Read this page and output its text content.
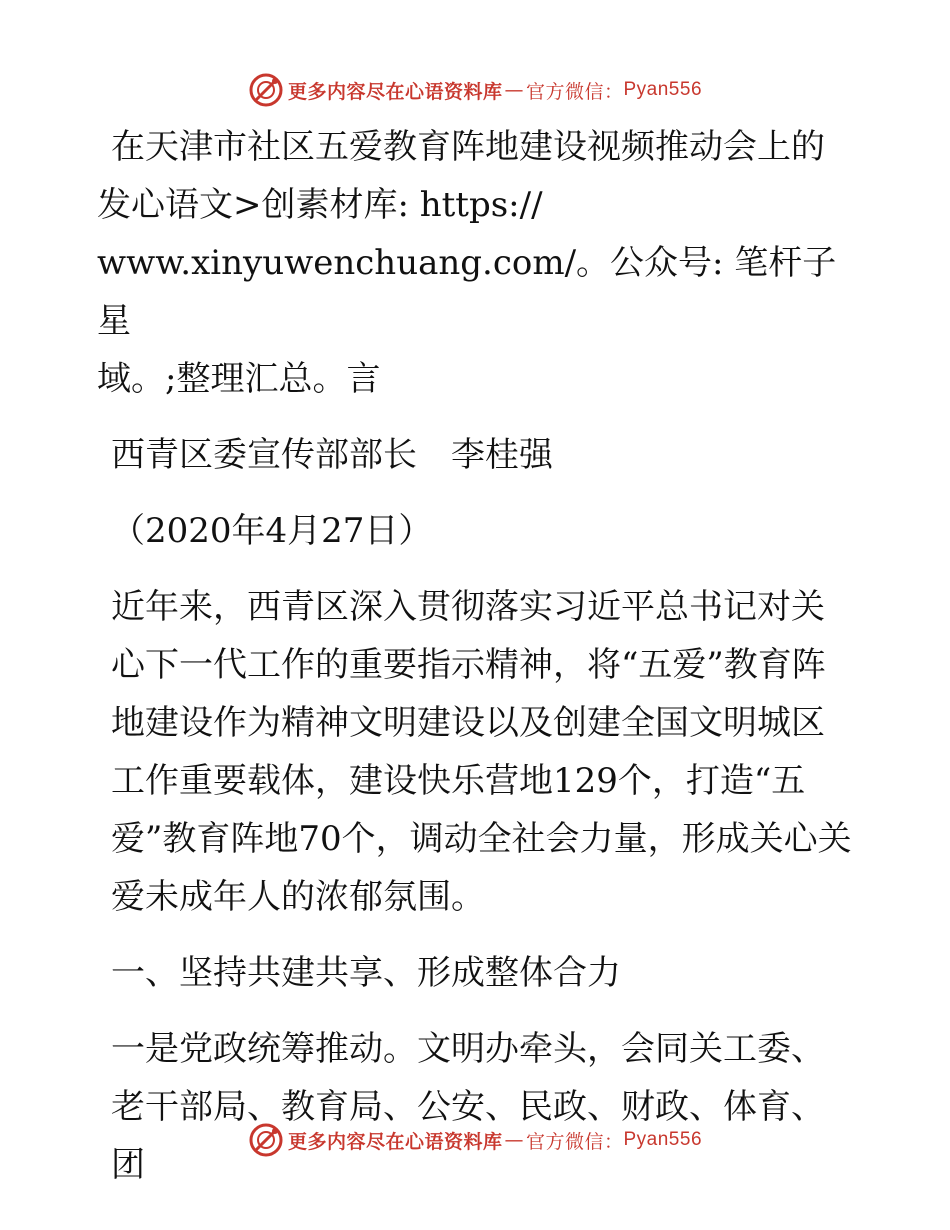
更多内容尽在心语资料库 — 官方微信： Pyan556

在天津市社区五爱教育阵地建设视频推动会上的

发心语文>创素材库: https://

www.xinyuwenchuang.com/。公众号: 笔杆子星

域。;整理汇总。言

西青区委宣传部部长　李桂强

（2020年4月27日）

近年来，西青区深入贯彻落实习近平总书记对关心下一代工作的重要指示精神，将“五爱”教育阵地建设作为精神文明建设以及创建全国文明城区工作重要载体，建设快乐营地129个，打造“五爱”教育阵地70个，调动全社会力量，形成关心关爱未成年人的浓郁氛围。

一、坚持共建共享、形成整体合力

一是党政统筹推动。文明办牵头，会同关工委、老干部局、教育局、公安、民政、财政、体育、团

更多内容尽在心语资料库 — 官方微信： Pyan556
